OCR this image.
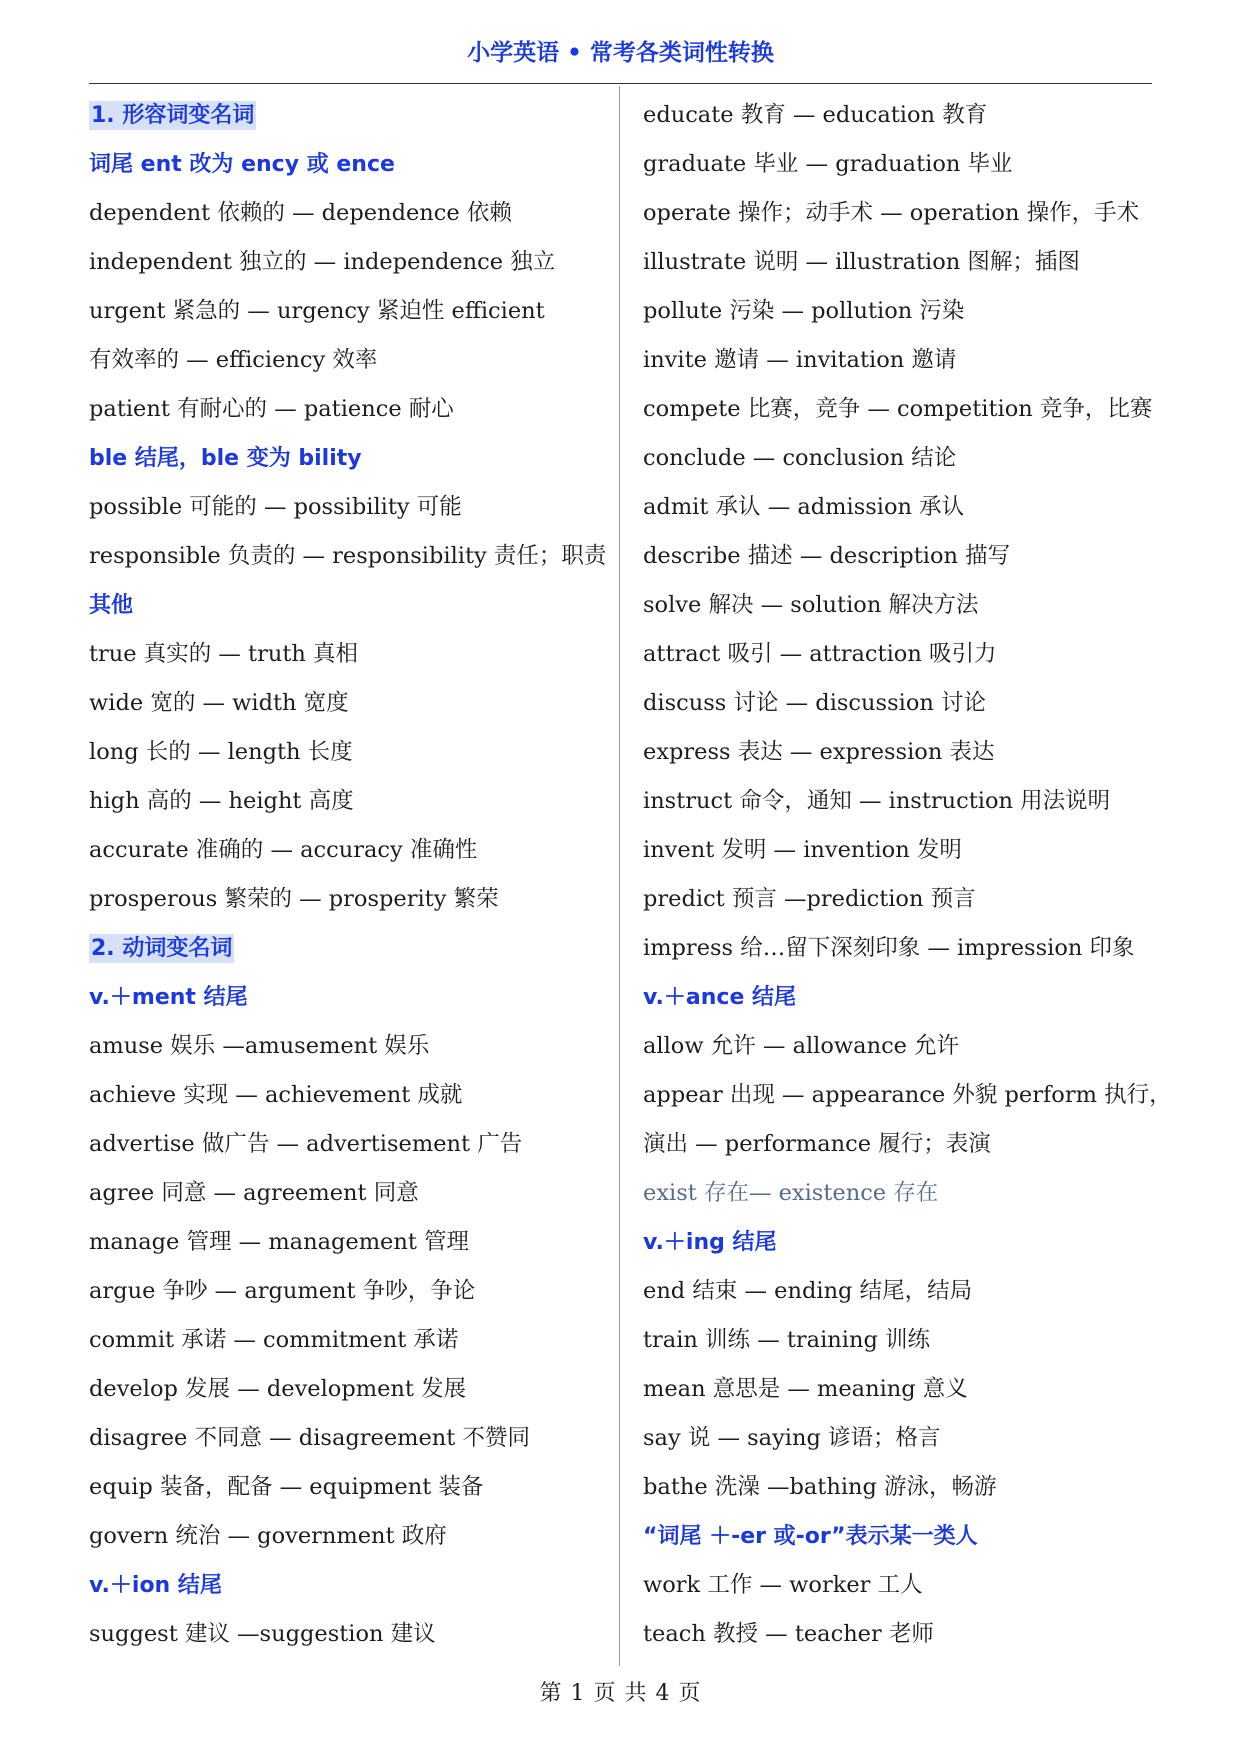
小学英语 • 常考各类词性转换
1. 形容词变名词
词尾 ent 改为 ency 或 ence
dependent 依赖的 — dependence 依赖
independent 独立的 — independence 独立
urgent 紧急的 — urgency 紧迫性 efficient
有效率的 — efficiency 效率
patient 有耐心的 — patience 耐心
ble 结尾，ble 变为 bility
possible 可能的 — possibility 可能
responsible 负责的 — responsibility 责任；职责
其他
true 真实的 — truth 真相
wide 宽的 — width 宽度
long 长的 — length 长度
high 高的 — height 高度
accurate 准确的 — accuracy 准确性
prosperous 繁荣的 — prosperity 繁荣
2. 动词变名词
v.＋ment 结尾
amuse 娱乐 —amusement 娱乐
achieve 实现 — achievement 成就
advertise 做广告 — advertisement 广告
agree 同意 — agreement 同意
manage 管理 — management 管理
argue 争吵 — argument 争吵，争论
commit 承诺 — commitment 承诺
develop 发展 — development 发展
disagree 不同意 — disagreement 不赞同
equip 装备，配备 — equipment 装备
govern 统治 — government 政府
v.＋ion 结尾
suggest 建议 —suggestion 建议
educate 教育 — education 教育
graduate 毕业 — graduation 毕业
operate 操作；动手术 — operation 操作，手术
illustrate 说明 — illustration 图解；插图
pollute 污染 — pollution 污染
invite 邀请 — invitation 邀请
compete 比赛，竞争 — competition 竞争，比赛
conclude — conclusion 结论
admit 承认 — admission 承认
describe 描述 — description 描写
solve 解决 — solution 解决方法
attract 吸引 — attraction 吸引力
discuss 讨论 — discussion 讨论
express 表达 — expression 表达
instruct 命令，通知 — instruction 用法说明
invent 发明 — invention 发明
predict 预言 —prediction 预言
impress 给…留下深刻印象 — impression 印象
v.＋ance 结尾
allow 允许 — allowance 允许
appear 出现 — appearance 外貌 perform 执行，
演出 — performance 履行；表演
exist 存在— existence 存在
v.＋ing 结尾
end 结束 — ending 结尾，结局
train 训练 — training 训练
mean 意思是 — meaning 意义
say 说 — saying 谚语；格言
bathe 洗澡 —bathing 游泳，畅游
“词尾 ＋-er 或-or”表示某一类人
work 工作 — worker 工人
teach 教授 — teacher 老师
第 1 页 共 4 页
